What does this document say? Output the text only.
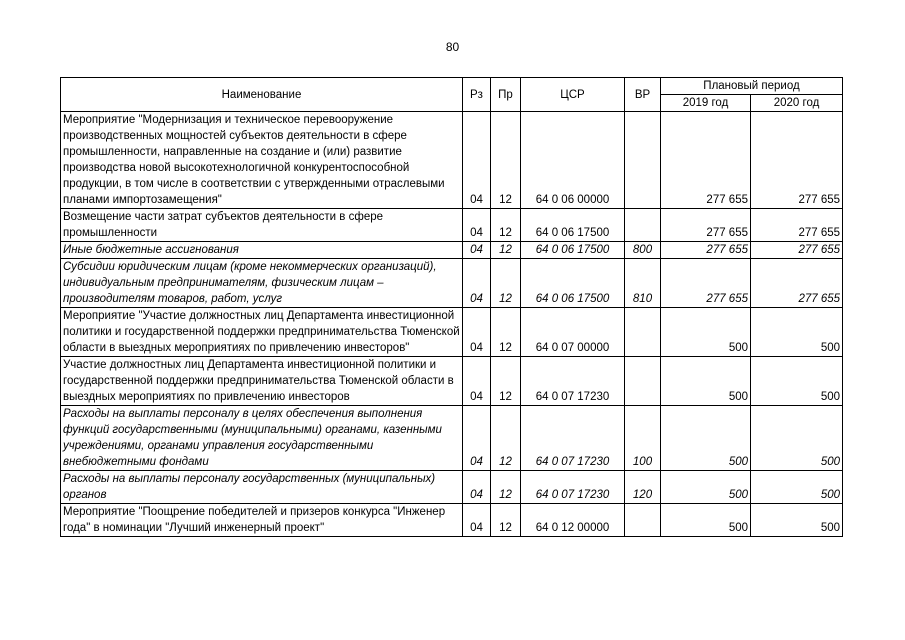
80
Наименование	Рз	Пр	ЦСР	ВР	Плановый период	
					2019 год	2020 год
Мероприятие "Модернизация и техническое перевооружение производственных мощностей субъектов деятельности в сфере промышленности, направленные на создание и (или) развитие производства новой высокотехнологичной конкурентоспособной продукции, в том числе в соответствии с утвержденными отраслевыми планами импортозамещения"	04	12	64 0 06 00000		277 655	277 655
Возмещение части затрат субъектов деятельности в сфере промышленности	04	12	64 0 06 17500		277 655	277 655
Иные бюджетные ассигнования	04	12	64 0 06 17500	800	277 655	277 655
Субсидии юридическим лицам (кроме некоммерческих организаций), индивидуальным предпринимателям, физическим лицам – производителям товаров, работ, услуг	04	12	64 0 06 17500	810	277 655	277 655
Мероприятие "Участие должностных лиц Департамента инвестиционной политики и государственной поддержки предпринимательства Тюменской области в выездных мероприятиях по привлечению инвесторов"	04	12	64 0 07 00000		500	500
Участие должностных лиц Департамента инвестиционной политики и государственной поддержки предпринимательства Тюменской области в выездных мероприятиях по привлечению инвесторов	04	12	64 0 07 17230		500	500
Расходы на выплаты персоналу в целях обеспечения выполнения функций государственными (муниципальными) органами, казенными учреждениями, органами управления государственными внебюджетными фондами	04	12	64 0 07 17230	100	500	500
Расходы на выплаты персоналу государственных (муниципальных) органов	04	12	64 0 07 17230	120	500	500
Мероприятие "Поощрение победителей и призеров конкурса "Инженер года" в номинации "Лучший инженерный проект"	04	12	64 0 12 00000		500	500
